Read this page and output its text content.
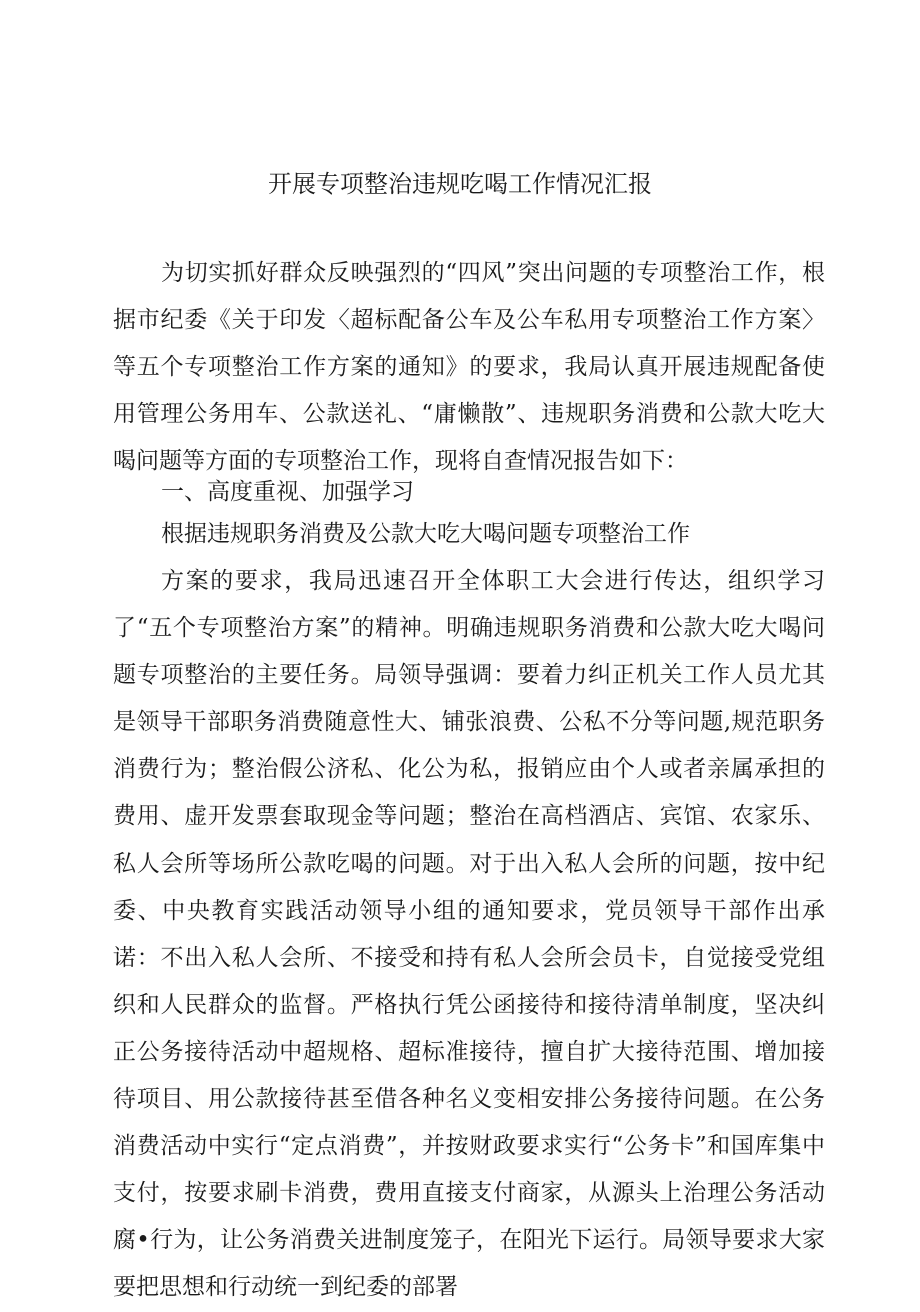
开展专项整治违规吃喝工作情况汇报
为切实抓好群众反映强烈的“四风”突出问题的专项整治工作，根据市纪委《关于印发〈超标配备公车及公车私用专项整治工作方案〉等五个专项整治工作方案的通知》的要求，我局认真开展违规配备使用管理公务用车、公款送礼、“庸懒散”、违规职务消费和公款大吃大喝问题等方面的专项整治工作，现将自查情况报告如下：
一、高度重视、加强学习
根据违规职务消费及公款大吃大喝问题专项整治工作
方案的要求，我局迅速召开全体职工大会进行传达，组织学习了“五个专项整治方案”的精神。明确违规职务消费和公款大吃大喝问题专项整治的主要任务。局领导强调：要着力纠正机关工作人员尤其是领导干部职务消费随意性大、铺张浪费、公私不分等问题,规范职务消费行为；整治假公济私、化公为私，报销应由个人或者亲属承担的费用、虚开发票套取现金等问题；整治在高档酒店、宾馆、农家乐、私人会所等场所公款吃喝的问题。对于出入私人会所的问题，按中纪委、中央教育实践活动领导小组的通知要求，党员领导干部作出承诺：不出入私人会所、不接受和持有私人会所会员卡，自觉接受党组织和人民群众的监督。严格执行凭公函接待和接待清单制度，坚决纠正公务接待活动中超规格、超标准接待，擅自扩大接待范围、增加接待项目、用公款接待甚至借各种名义变相安排公务接待问题。在公务消费活动中实行“定点消费”，并按财政要求实行“公务卡”和国库集中支付，按要求刷卡消费，费用直接支付商家，从源头上治理公务活动腐•行为，让公务消费关进制度笼子，在阳光下运行。局领导要求大家要把思想和行动统一到纪委的部署
